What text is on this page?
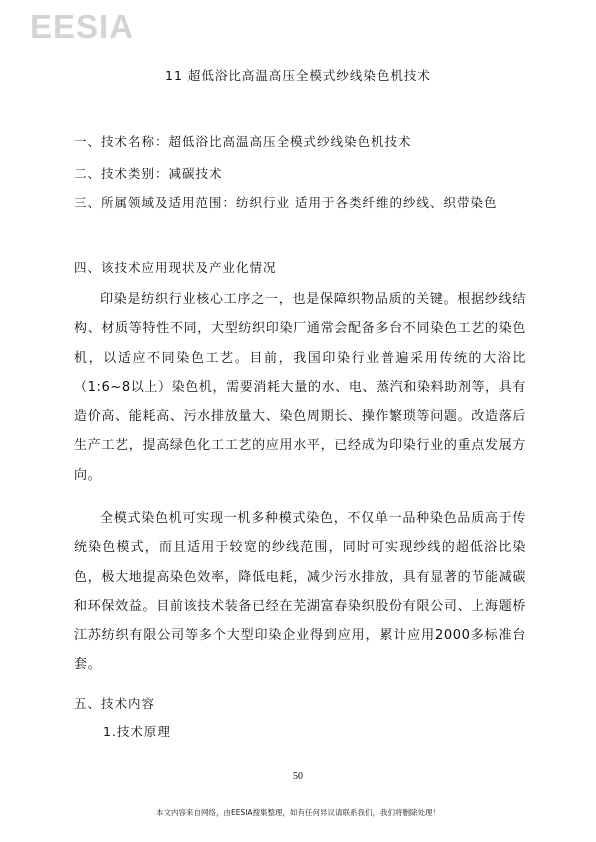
EESIA
11 超低浴比高温高压全模式纱线染色机技术
一、技术名称：超低浴比高温高压全模式纱线染色机技术
二、技术类别：减碳技术
三、所属领域及适用范围：纺织行业 适用于各类纤维的纱线、织带染色
四、该技术应用现状及产业化情况
印染是纺织行业核心工序之一，也是保障织物品质的关键。根据纱线结构、材质等特性不同，大型纺织印染厂通常会配备多台不同染色工艺的染色机，以适应不同染色工艺。目前，我国印染行业普遍采用传统的大浴比（1:6~8以上）染色机，需要消耗大量的水、电、蒸汽和染料助剂等，具有造价高、能耗高、污水排放量大、染色周期长、操作繁琐等问题。改造落后生产工艺，提高绿色化工工艺的应用水平，已经成为印染行业的重点发展方向。
全模式染色机可实现一机多种模式染色，不仅单一品种染色品质高于传统染色模式，而且适用于较宽的纱线范围，同时可实现纱线的超低浴比染色，极大地提高染色效率，降低电耗，减少污水排放，具有显著的节能减碳和环保效益。目前该技术装备已经在芜湖富春染织股份有限公司、上海题桥江苏纺织有限公司等多个大型印染企业得到应用，累计应用2000多标准台套。
五、技术内容
1.技术原理
50
本文内容来自网络，由EESIA搜集整理，如有任何异议请联系我们，我们将删除处理！
